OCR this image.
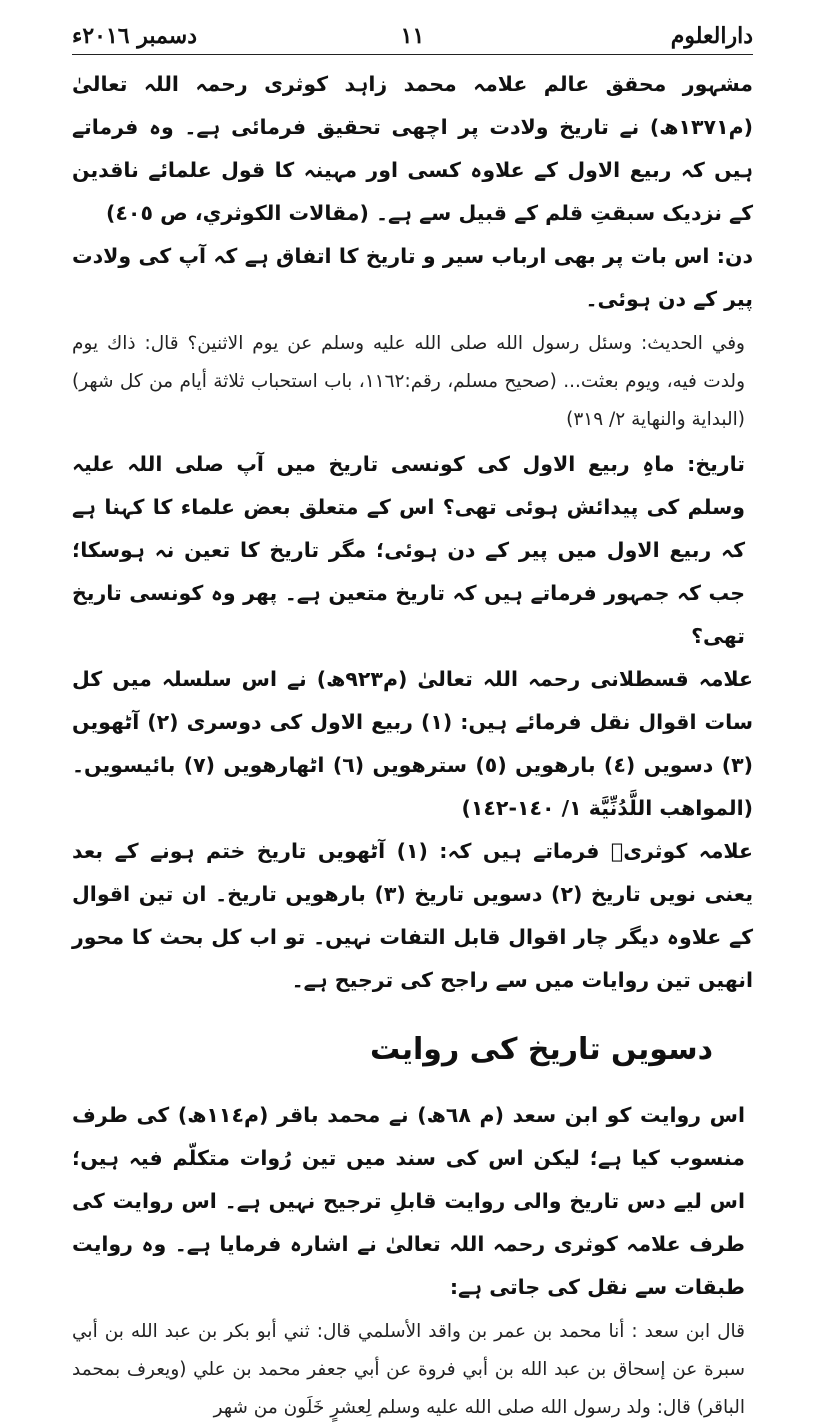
دارالعلوم
١١
دسمبر ٢٠١٦ء

مشہور محقق عالم علامہ محمد زاہد کوثری رحمہ اللہ تعالیٰ (م١٣٧١ھ) نے تاریخ ولادت پر اچھی تحقیق فرمائی ہے۔ وہ فرماتے ہیں کہ ربیع الاول کے علاوہ کسی اور مہینہ کا قول علمائے ناقدین کے نزدیک سبقتِ قلم کے قبیل سے ہے۔ (مقالات الكوثري، ص ٤٠٥)

دن: اس بات پر بھی ارباب سیر و تاریخ کا اتفاق ہے کہ آپ کی ولادت پیر کے دن ہوئی۔

وفي الحديث: وسئل رسول الله صلى الله عليه وسلم عن يوم الاثنين؟ قال: ذاك يوم ولدت فيه، ويوم بعثت... (صحيح مسلم، رقم:١١٦٢، باب استحباب ثلاثة أيام من كل شهر) (البداية والنهاية ٢/ ٣١٩)

تاریخ: ماہِ ربیع الاول کی کونسی تاریخ میں آپ صلی اللہ علیہ وسلم کی پیدائش ہوئی تھی؟ اس کے متعلق بعض علماء کا کہنا ہے کہ ربیع الاول میں پیر کے دن ہوئی؛ مگر تاریخ کا تعین نہ ہوسکا؛ جب کہ جمہور فرماتے ہیں کہ تاریخ متعین ہے۔ پھر وہ کونسی تاریخ تھی؟

علامہ قسطلانی رحمہ اللہ تعالیٰ (م٩٢٣ھ) نے اس سلسلہ میں کل سات اقوال نقل فرمائے ہیں: (١) ربیع الاول کی دوسری (٢) آٹھویں (٣) دسویں (٤) بارھویں (٥) سترھویں (٦) اٹھارھویں (٧) بائیسویں۔ (المواهب اللَّدُنِّيَّة ١/ ١٤٠-١٤٢)

علامہ کوثریؒ فرماتے ہیں کہ: (١) آٹھویں تاریخ ختم ہونے کے بعد یعنی نویں تاریخ (٢) دسویں تاریخ (٣) بارھویں تاریخ۔ ان تین اقوال کے علاوہ دیگر چار اقوال قابل التفات نہیں۔ تو اب کل بحث کا محور انھیں تین روایات میں سے راجح کی ترجیح ہے۔

دسویں تاریخ کی روایت

اس روایت کو ابن سعد (م ٦٨ھ) نے محمد باقر (م١١٤ھ) کی طرف منسوب کیا ہے؛ لیکن اس کی سند میں تین رُوات متکلّم فیہ ہیں؛ اس لیے دس تاریخ والی روایت قابلِ ترجیح نہیں ہے۔ اس روایت کی طرف علامہ کوثری رحمہ اللہ تعالیٰ نے اشارہ فرمایا ہے۔ وہ روایت طبقات سے نقل کی جاتی ہے:

قال ابن سعد : أنا محمد بن عمر بن واقد الأسلمي قال: ثني أبو بكر بن عبد الله بن أبي سبرة عن إسحاق بن عبد الله بن أبي فروة عن أبي جعفر محمد بن علي (ويعرف بمحمد الباقر) قال: ولد رسول الله صلى الله عليه وسلم لِعشرٍ خَلَون من شهر
